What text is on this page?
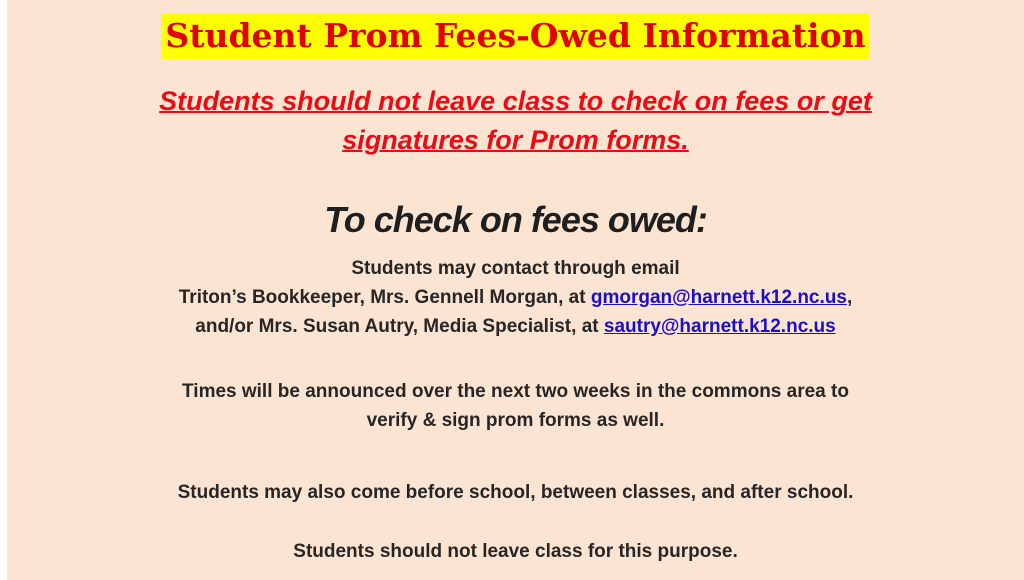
Student Prom Fees-Owed Information
Students should not leave class to check on fees or get
signatures for Prom forms.
To check on fees owed:
Students may contact through email
Triton’s Bookkeeper, Mrs. Gennell Morgan, at gmorgan@harnett.k12.nc.us,
and/or Mrs. Susan Autry, Media Specialist, at sautry@harnett.k12.nc.us
Times will be announced over the next two weeks in the commons area to
verify & sign prom forms as well.
Students may also come before school, between classes, and after school.
Students should not leave class for this purpose.
